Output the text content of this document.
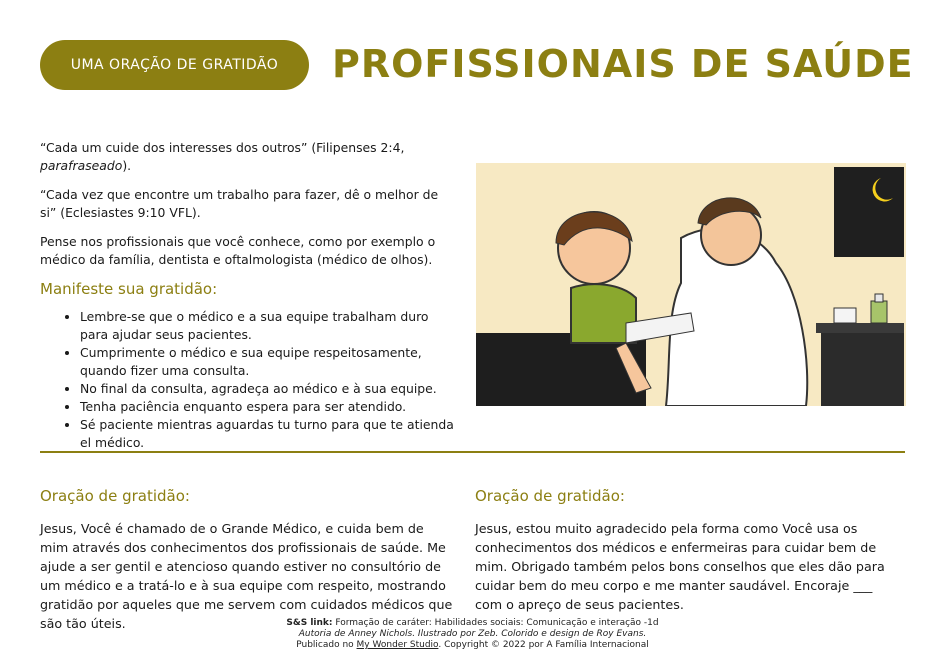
UMA ORAÇÃO DE GRATIDÃO PROFISSIONAIS DE SAÚDE

“Cada um cuide dos interesses dos outros” (Filipenses 2:4, parafraseado).

“Cada vez que encontre um trabalho para fazer, dê o melhor de si” (Eclesiastes 9:10 VFL).

Pense nos profissionais que você conhece, como por exemplo o médico da família, dentista e oftalmologista (médico de olhos).

Manifeste sua gratidão:
• Lembre-se que o médico e a sua equipe trabalham duro para ajudar seus pacientes.
• Cumprimente o médico e sua equipe respeitosamente, quando fizer uma consulta.
• No final da consulta, agradeça ao médico e à sua equipe.
• Tenha paciência enquanto espera para ser atendido.
• Sé paciente mientras aguardas tu turno para que te atienda el médico.
Oração de gratidão:

Jesus, Você é chamado de o Grande Médico, e cuida bem de mim através dos conhecimentos dos profissionais de saúde. Me ajude a ser gentil e atencioso quando estiver no consultório de um médico e a tratá-lo e à sua equipe com respeito, mostrando gratidão por aqueles que me servem com cuidados médicos que são tão úteis.

Oração de gratidão:

Jesus, estou muito agradecido pela forma como Você usa os conhecimentos dos médicos e enfermeiras para cuidar bem de mim. Obrigado também pelos bons conselhos que eles dão para cuidar bem do meu corpo e me manter saudável. Encoraje ___ com o apreço de seus pacientes.

S&S link: Formação de caráter: Habilidades sociais: Comunicação e interação -1d
Autoria de Anney Nichols. Ilustrado por Zeb. Colorido e design de Roy Evans.
Publicado no My Wonder Studio. Copyright © 2022 por A Família Internacional
